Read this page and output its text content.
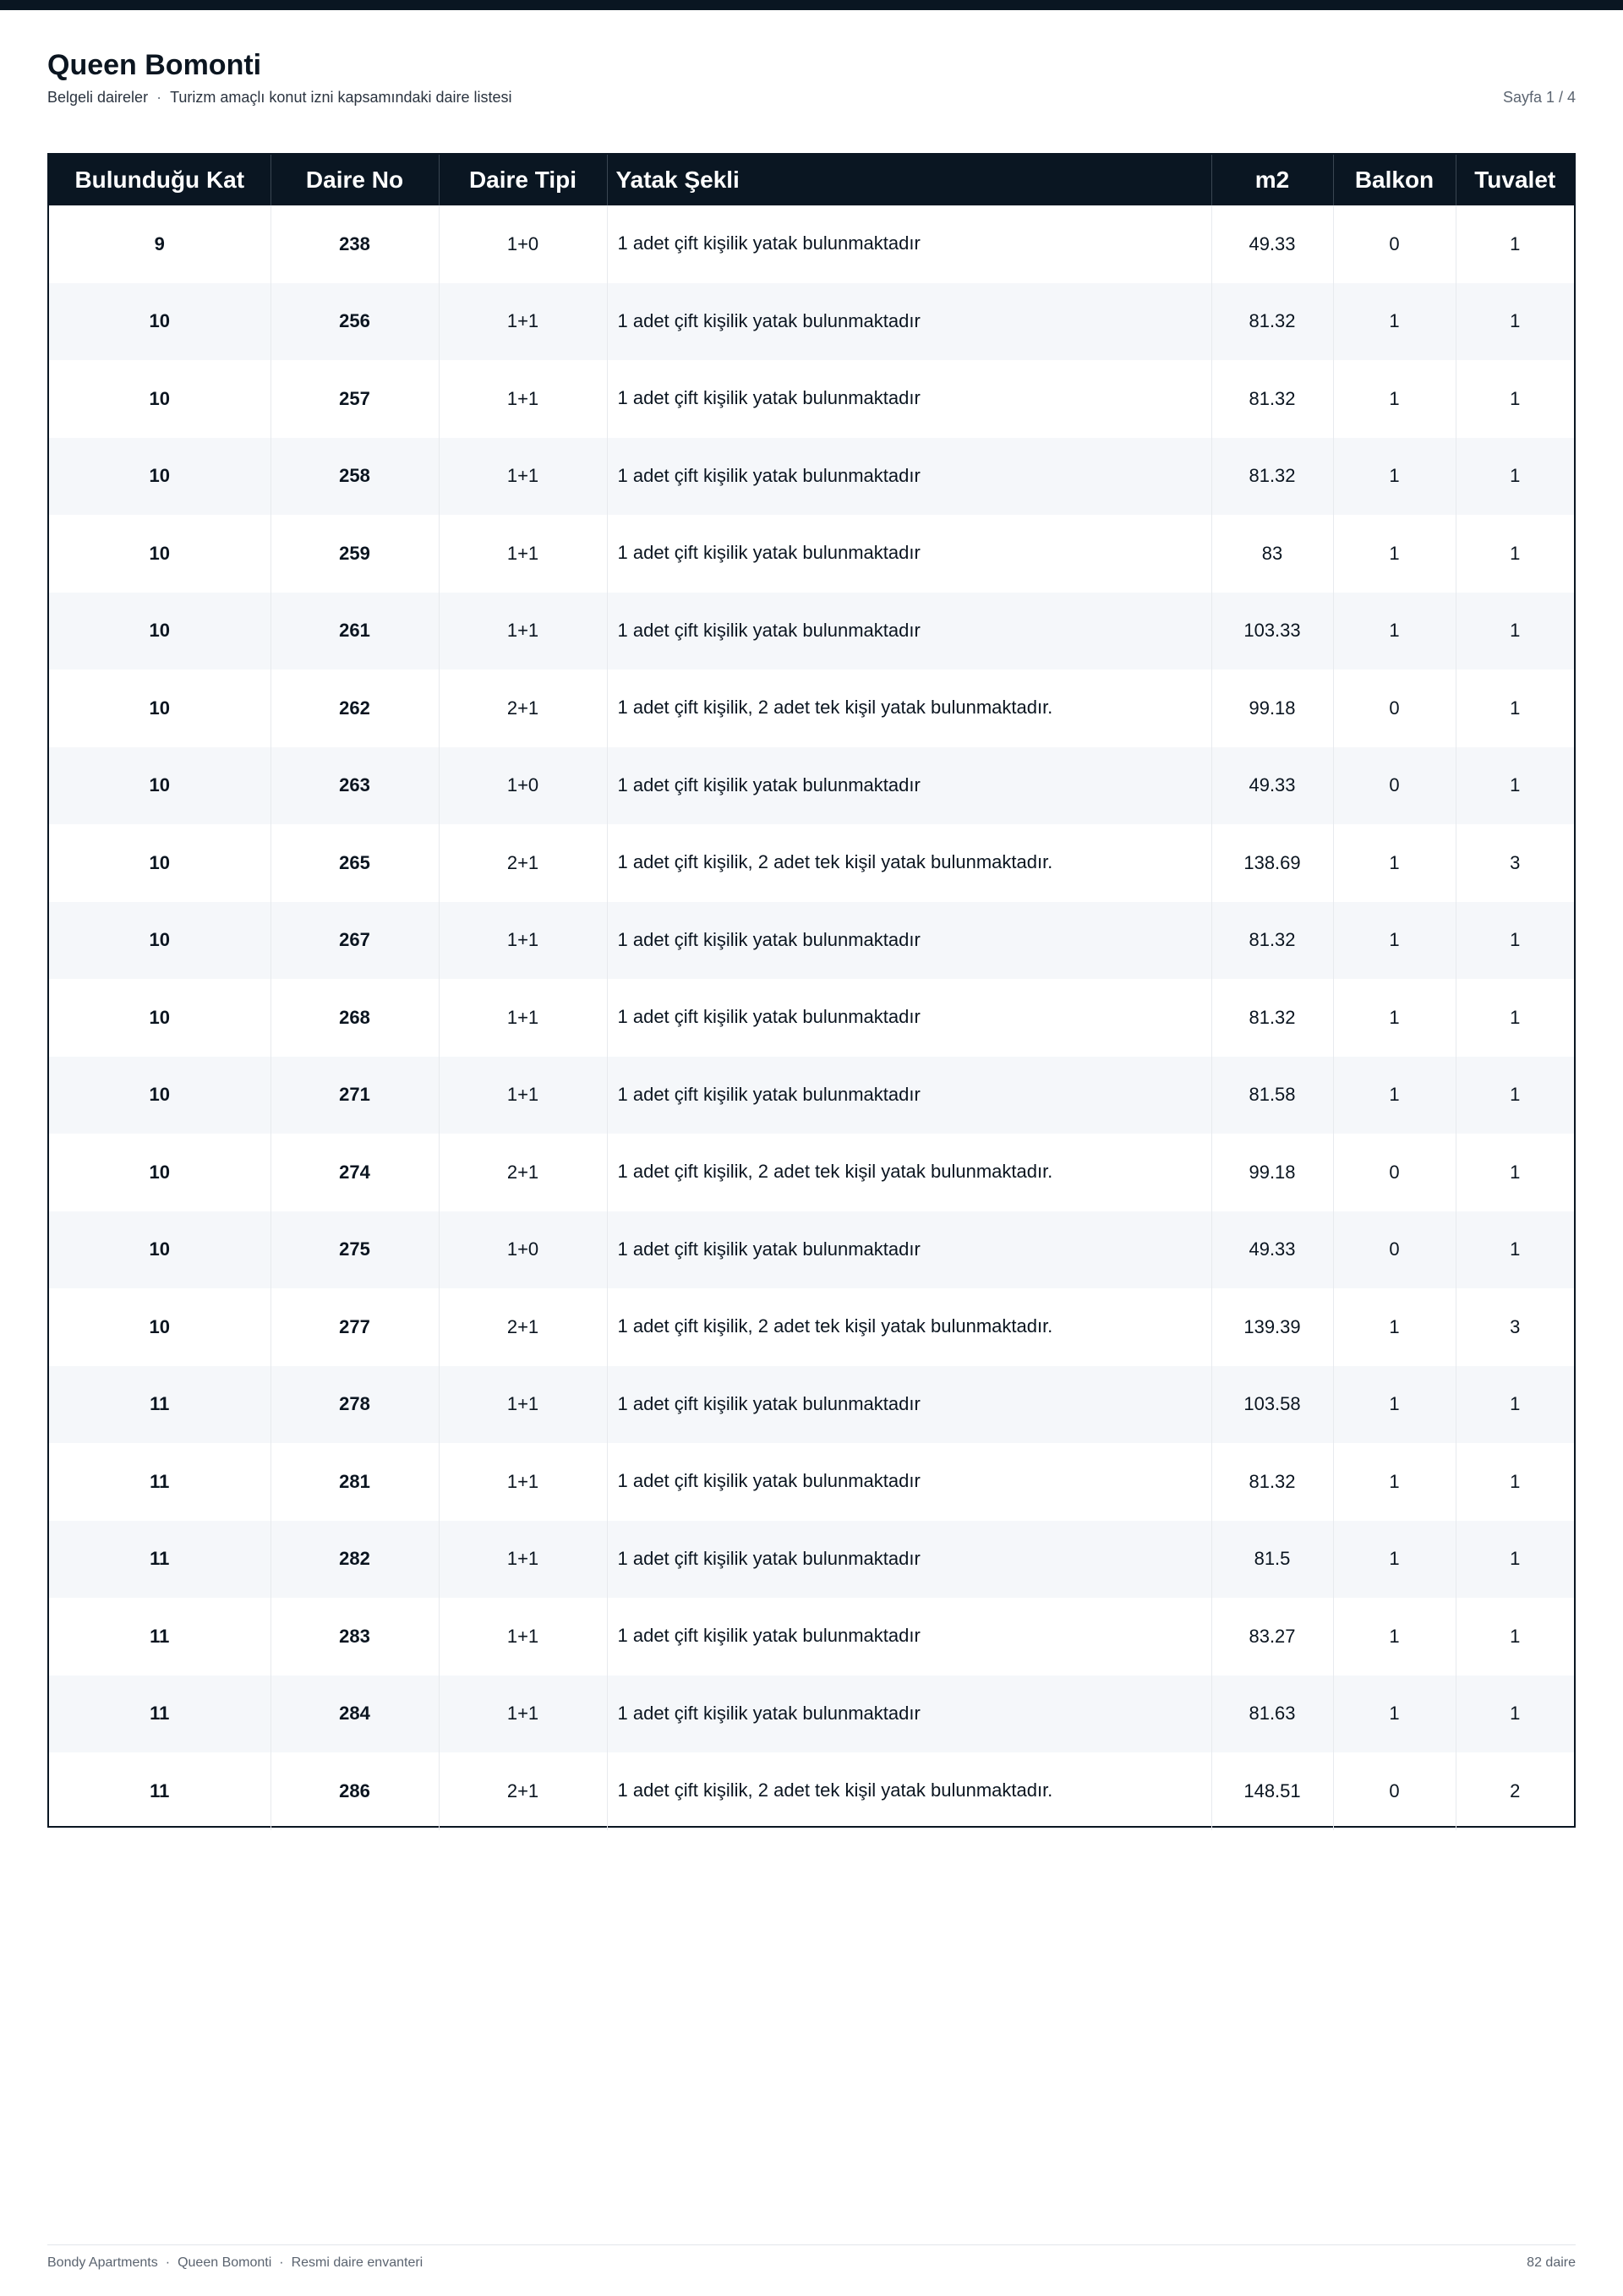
Queen Bomonti
Belgeli daireler · Turizm amaçlı konut izni kapsamındaki daire listesi	Sayfa 1 / 4
Bulunduğu Kat	Daire No	Daire Tipi	Yatak Şekli	m2	Balkon	Tuvalet
9	238	1+0	1 adet çift kişilik yatak bulunmaktadır	49.33	0	1
10	256	1+1	1 adet çift kişilik yatak bulunmaktadır	81.32	1	1
10	257	1+1	1 adet çift kişilik yatak bulunmaktadır	81.32	1	1
10	258	1+1	1 adet çift kişilik yatak bulunmaktadır	81.32	1	1
10	259	1+1	1 adet çift kişilik yatak bulunmaktadır	83	1	1
10	261	1+1	1 adet çift kişilik yatak bulunmaktadır	103.33	1	1
10	262	2+1	1 adet çift kişilik, 2 adet tek kişil yatak bulunmaktadır.	99.18	0	1
10	263	1+0	1 adet çift kişilik yatak bulunmaktadır	49.33	0	1
10	265	2+1	1 adet çift kişilik, 2 adet tek kişil yatak bulunmaktadır.	138.69	1	3
10	267	1+1	1 adet çift kişilik yatak bulunmaktadır	81.32	1	1
10	268	1+1	1 adet çift kişilik yatak bulunmaktadır	81.32	1	1
10	271	1+1	1 adet çift kişilik yatak bulunmaktadır	81.58	1	1
10	274	2+1	1 adet çift kişilik, 2 adet tek kişil yatak bulunmaktadır.	99.18	0	1
10	275	1+0	1 adet çift kişilik yatak bulunmaktadır	49.33	0	1
10	277	2+1	1 adet çift kişilik, 2 adet tek kişil yatak bulunmaktadır.	139.39	1	3
11	278	1+1	1 adet çift kişilik yatak bulunmaktadır	103.58	1	1
11	281	1+1	1 adet çift kişilik yatak bulunmaktadır	81.32	1	1
11	282	1+1	1 adet çift kişilik yatak bulunmaktadır	81.5	1	1
11	283	1+1	1 adet çift kişilik yatak bulunmaktadır	83.27	1	1
11	284	1+1	1 adet çift kişilik yatak bulunmaktadır	81.63	1	1
11	286	2+1	1 adet çift kişilik, 2 adet tek kişil yatak bulunmaktadır.	148.51	0	2
Bondy Apartments · Queen Bomonti · Resmi daire envanteri	82 daire
